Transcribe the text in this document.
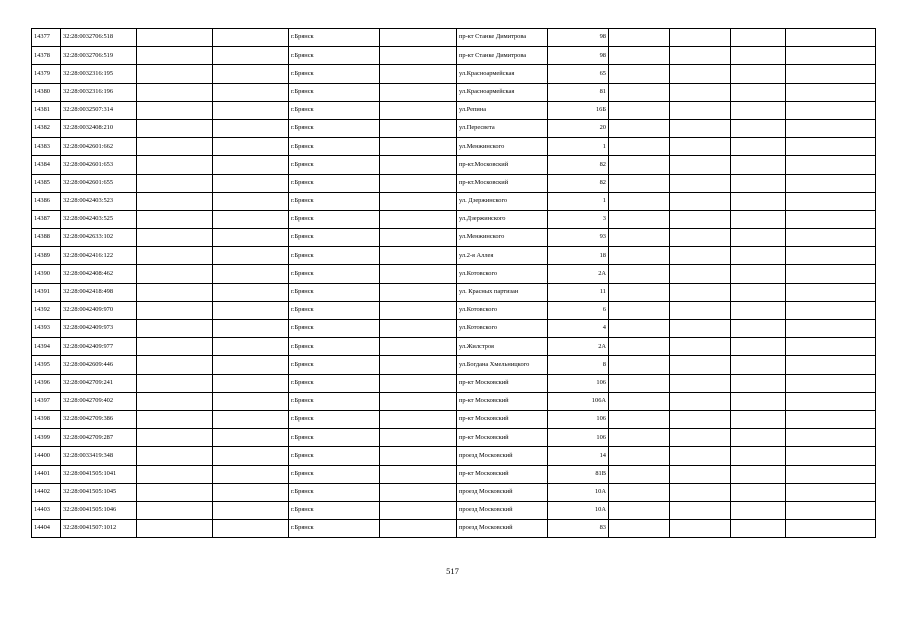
14377	32:28:0032706:518			г.Брянск		пр-кт Станке Димитрова	98				
14378	32:28:0032706:519			г.Брянск		пр-кт Станке Димитрова	98				
14379	32:28:0032316:195			г.Брянск		ул.Красноармейская	65				
14380	32:28:0032316:196			г.Брянск		ул.Красноармейская	81				
14381	32:28:0032507:314			г.Брянск		ул.Репина	16Б				
14382	32:28:0032408:210			г.Брянск		ул.Пересвета	20				
14383	32:28:0042601:662			г.Брянск		ул.Менжинского	1				
14384	32:28:0042601:653			г.Брянск		пр-кт.Московский	82				
14385	32:28:0042601:655			г.Брянск		пр-кт.Московский	82				
14386	32:28:0042403:523			г.Брянск		ул. Дзержинского	1				
14387	32:28:0042403:525			г.Брянск		ул.Дзержинского	3				
14388	32:28:0042633:102			г.Брянск		ул.Менжинского	93				
14389	32:28:0042416:122			г.Брянск		ул.2-я Аллея	18				
14390	32:28:0042408:462			г.Брянск		ул.Котовского	2А				
14391	32:28:0042418:498			г.Брянск		ул. Красных партизан	11				
14392	32:28:0042409:970			г.Брянск		ул.Котовского	6				
14393	32:28:0042409:973			г.Брянск		ул.Котовского	4				
14394	32:28:0042409:977			г.Брянск		ул.Жилстроя	2А				
14395	32:28:0042609:446			г.Брянск		ул.Богдана Хмельницкого	8				
14396	32:28:0042709:241			г.Брянск		пр-кт Московский	106				
14397	32:28:0042709:402			г.Брянск		пр-кт Московский	106А				
14398	32:28:0042709:386			г.Брянск		пр-кт Московский	106				
14399	32:28:0042709:287			г.Брянск		пр-кт Московский	106				
14400	32:28:0033419:348			г.Брянск		проезд Московский	14				
14401	32:28:0041505:1041			г.Брянск		пр-кт Московский	81В				
14402	32:28:0041505:1045			г.Брянск		проезд Московский	10А				
14403	32:28:0041505:1046			г.Брянск		проезд Московский	10А				
14404	32:28:0041507:1012			г.Брянск		проезд Московский	83				
517
